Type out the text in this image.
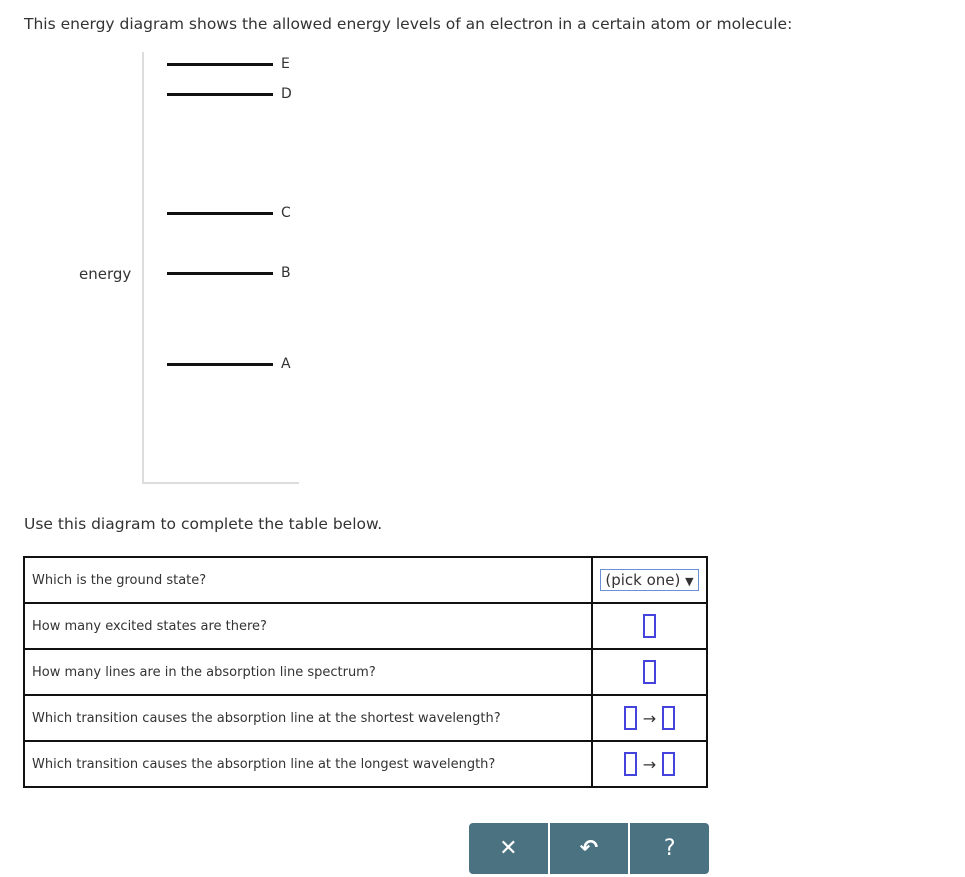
This energy diagram shows the allowed energy levels of an electron in a certain atom or molecule:
energy
E
D
C
B
A
Use this diagram to complete the table below.
Which is the ground state?	(pick one) ▼
How many excited states are there?	
How many lines are in the absorption line spectrum?	
Which transition causes the absorption line at the shortest wavelength?	→
Which transition causes the absorption line at the longest wavelength?	→
✕	↶	?
